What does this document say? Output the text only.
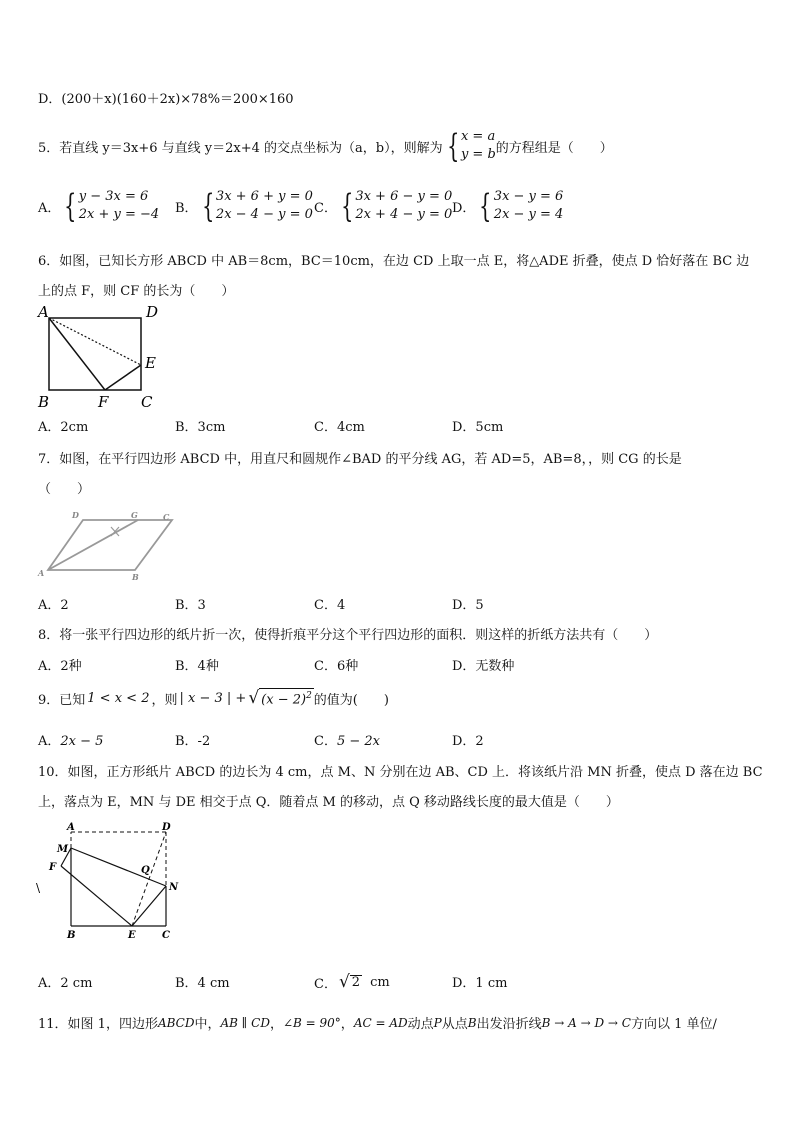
D．(200＋x)(160＋2x)×78%＝200×160
5．若直线 y＝3x+6 与直线 y＝2x+4 的交点坐标为（a，b），则解为 { x = a
y = b 的方程组是（　　）
A． { y − 3x = 6
2x + y = −4 B． { 3x + 6 + y = 0
2x − 4 − y = 0 C． { 3x + 6 − y = 0
2x + 4 − y = 0 D． { 3x − y = 6
2x − y = 4
6．如图，已知长方形 ABCD 中 AB＝8cm，BC＝10cm，在边 CD 上取一点 E，将△ADE 折叠，使点 D 恰好落在 BC 边
上的点 F，则 CF 的长为（　　）
A	D
E
B	F C
A．2cm	B．3cm	C．4cm	D．5cm
7．如图，在平行四边形 ABCD 中，用直尺和圆规作∠BAD 的平分线 AG，若 AD=5，AB=8，，则 CG 的长是
（　　）
D	G	C
A	B
A．2	B．3	C．4	D．5
8．将一张平行四边形的纸片折一次，使得折痕平分这个平行四边形的面积．则这样的折纸方法共有（　　）
A．2种	B．4种	C．6种	D．无数种
9．已知 1 < x < 2 ，则 | x − 3 | + √ $(x - 2)^2$ 的值为(　　)
A．2x − 5	B．-2	C．5 − 2x	D．2
10．如图，正方形纸片 ABCD 的边长为 4 cm，点 M、N 分别在边 AB、CD 上．将该纸片沿 MN 折叠，使点 D 落在边 BC
上，落点为 E，MN 与 DE 相交于点 Q．随着点 M 的移动，点 Q 移动路线长度的最大值是（　　）
A	D
M
F	Q
N
B	E	C
\
A．2 cm	B．4 cm	C． √ 2 cm	D．1 cm
11．如图 1，四边形 ABCD 中， AB ∥ CD ， ∠B = 90° ， AC = AD 动点 P 从点 B 出发沿折线 B → A → D → C 方向以 1 单位/
